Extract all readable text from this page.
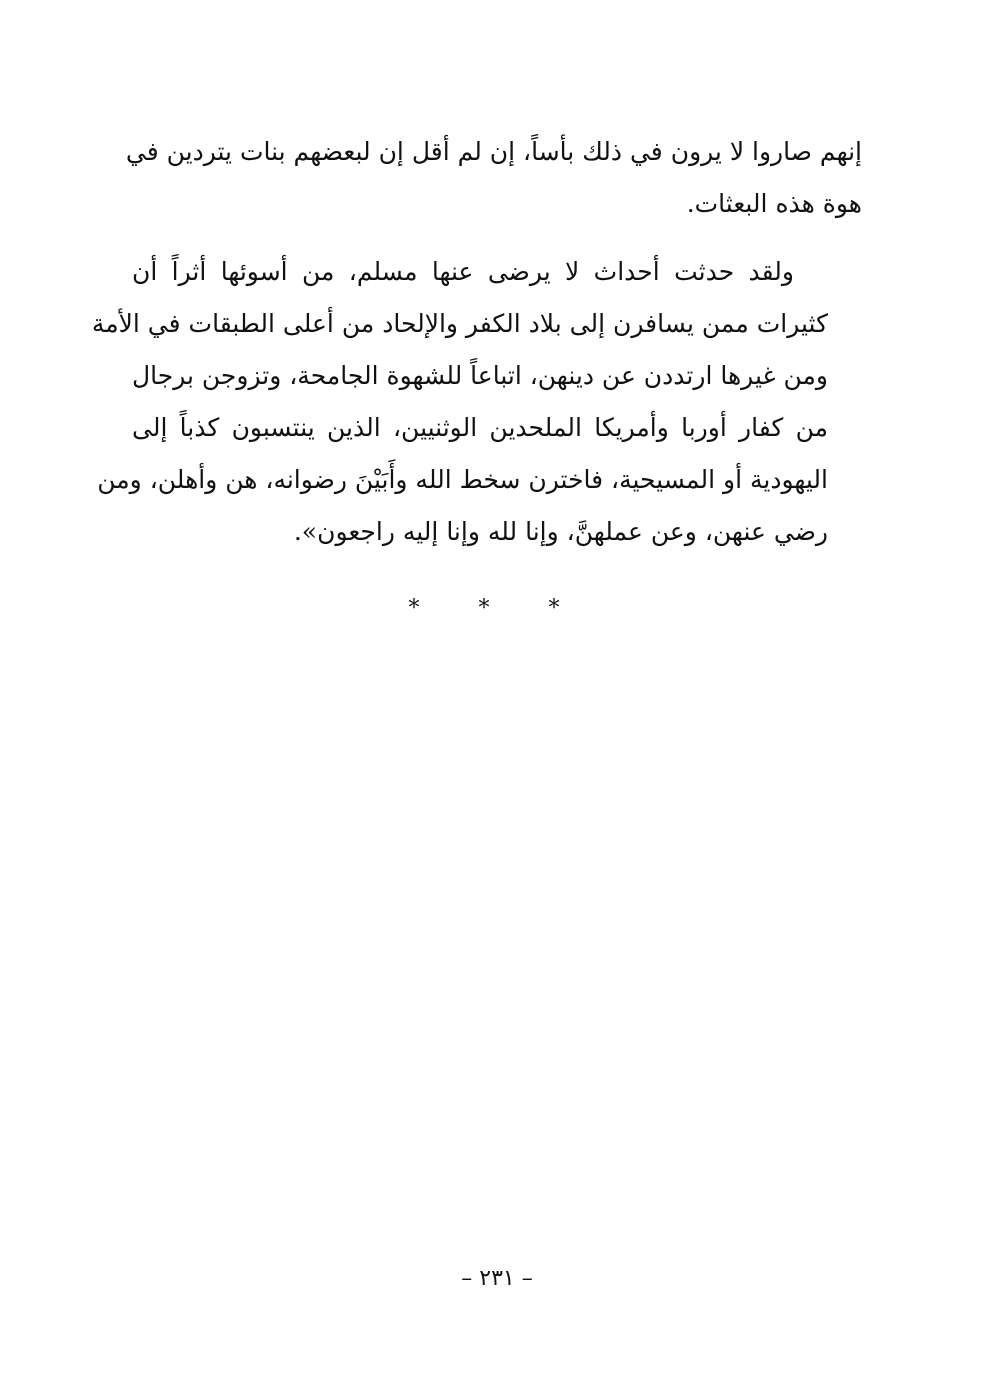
إنهم صاروا لا يرون في ذلك بأساً، إن لم أقل إن لبعضهم بنات يتردين في
هوة هذه البعثات.
ولقد حدثت أحداث لا يرضى عنها مسلم، من أسوئها أثراً أن
كثيرات ممن يسافرن إلى بلاد الكفر والإلحاد من أعلى الطبقات في الأمة
ومن غيرها ارتددن عن دينهن، اتباعاً للشهوة الجامحة، وتزوجن برجال
من كفار أوربا وأمريكا الملحدين الوثنيين، الذين ينتسبون كذباً إلى
اليهودية أو المسيحية، فاخترن سخط الله وأَبَيْنَ رضوانه، هن وأهلن، ومن
رضي عنهن، وعن عملهنَّ، وإنا لله وإنا إليه راجعون».
* * *
– ٢٣١ –
